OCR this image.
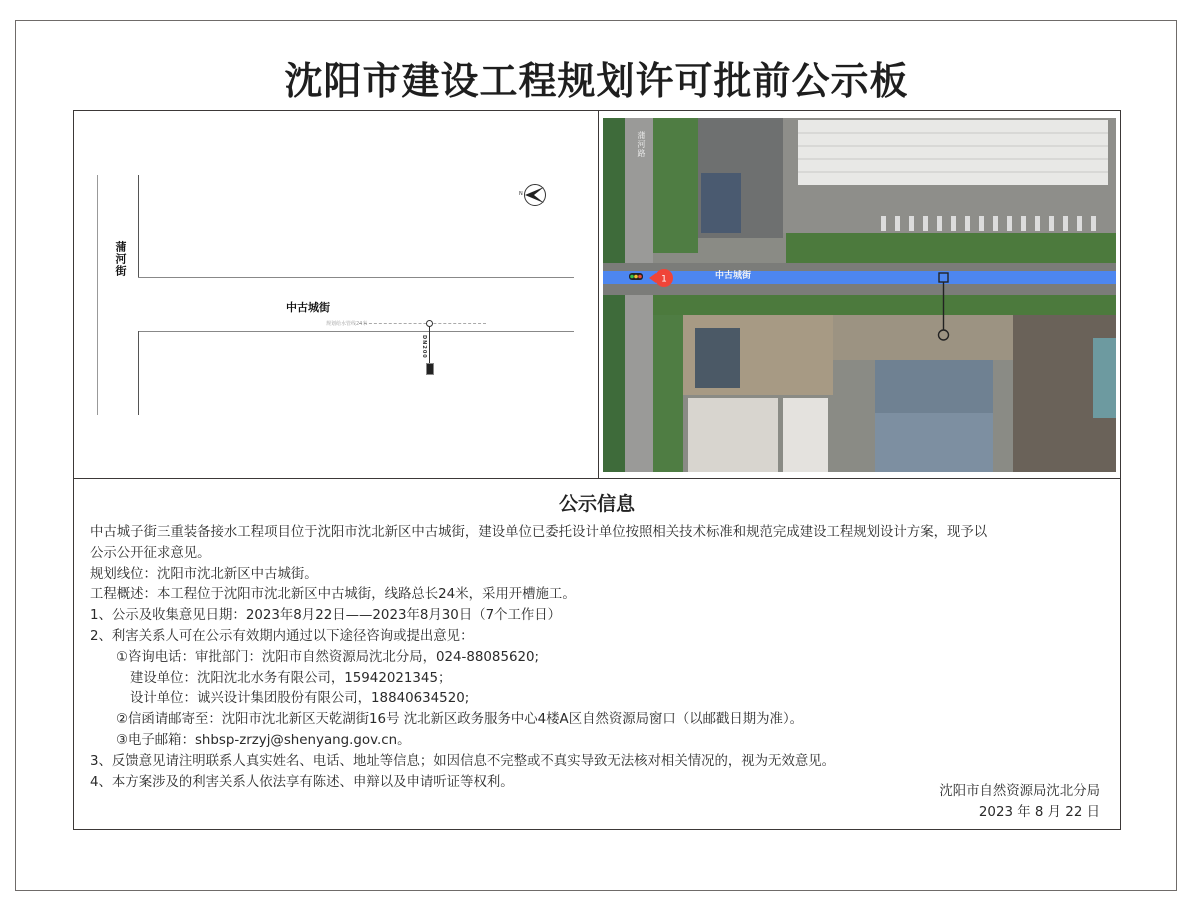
沈阳市建设工程规划许可批前公示板
蒲河街
中古城街
规划给水管线24米
DN200
N
1	中古城街
蒲河路
公示信息
中古城子街三重装备接水工程项目位于沈阳市沈北新区中古城街，建设单位已委托设计单位按照相关技术标准和规范完成建设工程规划设计方案，现予以
公示公开征求意见。
规划线位：沈阳市沈北新区中古城街。
工程概述：本工程位于沈阳市沈北新区中古城街，线路总长24米，采用开槽施工。
1、公示及收集意见日期：2023年8月22日——2023年8月30日（7个工作日）
2、利害关系人可在公示有效期内通过以下途径咨询或提出意见：
①咨询电话：审批部门：沈阳市自然资源局沈北分局，024-88085620;
建设单位：沈阳沈北水务有限公司，15942021345；
设计单位：诚兴设计集团股份有限公司，18840634520;
②信函请邮寄至：沈阳市沈北新区天乾湖街16号 沈北新区政务服务中心4楼A区自然资源局窗口（以邮戳日期为准）。
③电子邮箱：shbsp-zrzyj@shenyang.gov.cn。
3、反馈意见请注明联系人真实姓名、电话、地址等信息；如因信息不完整或不真实导致无法核对相关情况的，视为无效意见。
4、本方案涉及的利害关系人依法享有陈述、申辩以及申请听证等权利。
沈阳市自然资源局沈北分局
2023 年 8 月 22 日
